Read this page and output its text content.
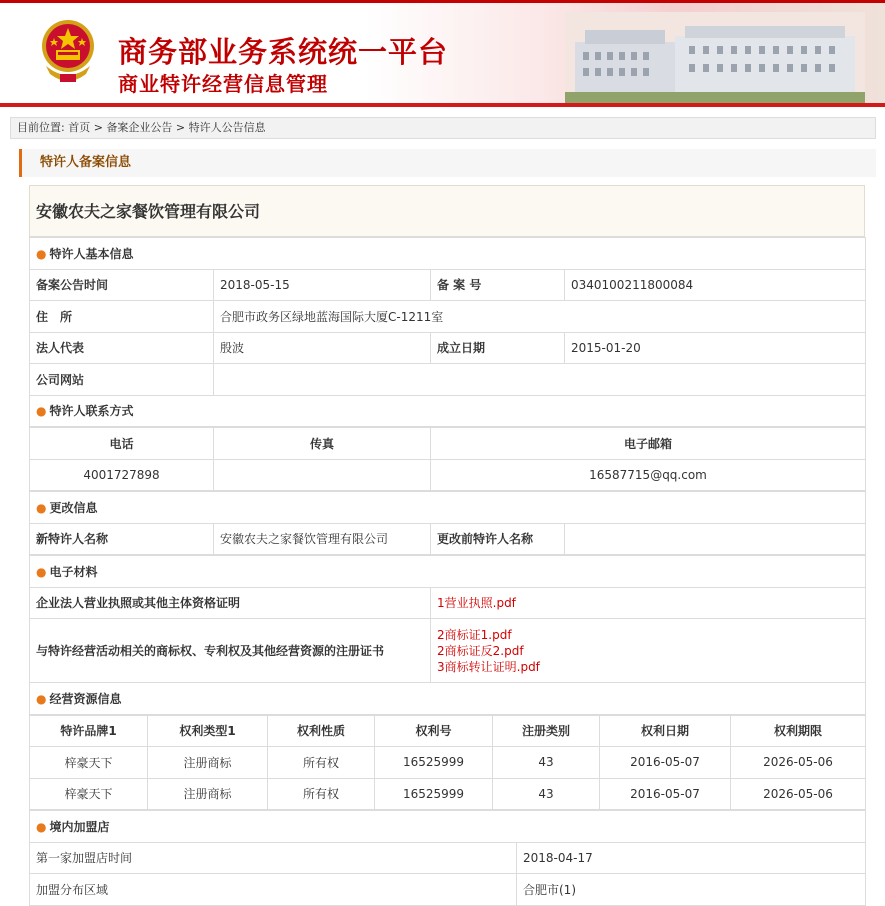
商务部业务系统统一平台
商业特许经营信息管理
目前位置: 首页 > 备案企业公告 > 特许人公告信息
特许人备案信息
安徽农夫之家餐饮管理有限公司
● 特许人基本信息			
备案公告时间	2018-05-15	备 案 号	0340100211800084
住　所	合肥市政务区绿地蓝海国际大厦C-1211室		
法人代表	殷波	成立日期	2015-01-20
公司网站			
● 特许人联系方式			
电话	传真	电子邮箱
4001727898		16587715@qq.com
● 更改信息
新特许人名称	安徽农夫之家餐饮管理有限公司	更改前特许人名称	
● 电子材料	
企业法人营业执照或其他主体资格证明	1营业执照.pdf

与特许经营活动相关的商标权、专利权及其他经营资源的注册证书	2商标证1.pdf
2商标证反2.pdf
3商标转让证明.pdf

● 经营资源信息	
特许品牌1	权利类型1	权利性质	权利号	注册类别	权利日期	权利期限
梓豪天下	注册商标	所有权	16525999	43	2016-05-07	2026-05-06
梓豪天下	注册商标	所有权	16525999	43	2016-05-07	2026-05-06
● 境内加盟店	
第一家加盟店时间	2018-04-17
加盟分布区域	合肥市(1)
